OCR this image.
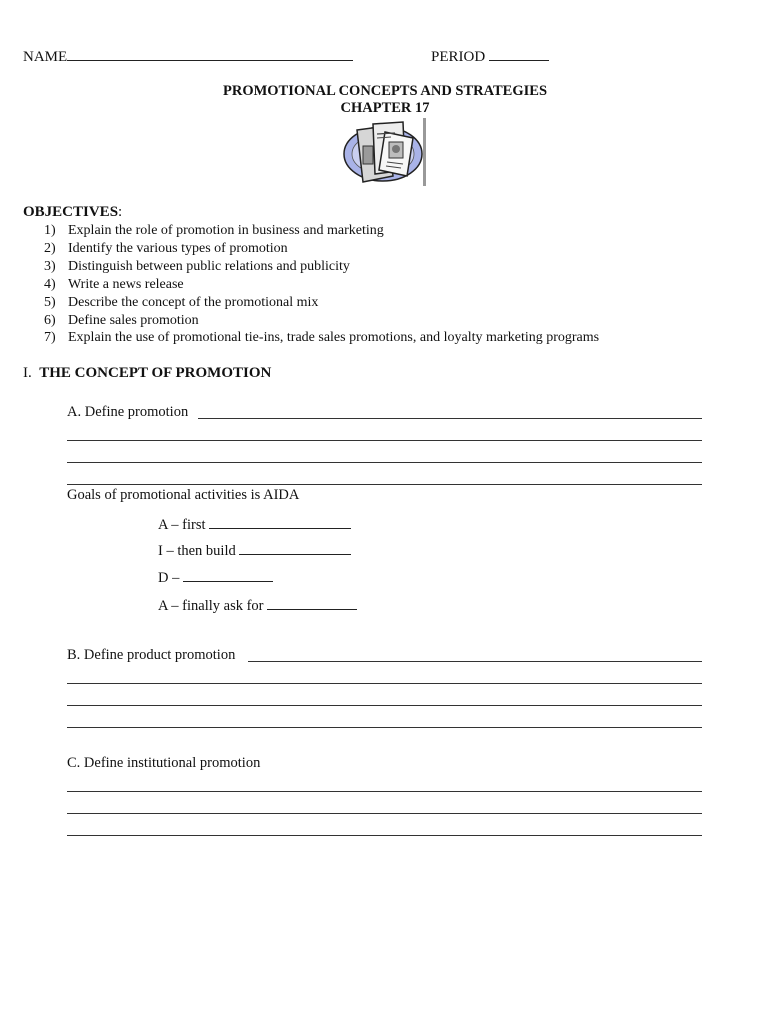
NAME	PERIOD
PROMOTIONAL CONCEPTS AND STRATEGIES
CHAPTER 17
OBJECTIVES:
1) Explain the role of promotion in business and marketing
2) Identify the various types of promotion
3) Distinguish between public relations and publicity
4) Write a news release
5) Describe the concept of the promotional mix
6) Define sales promotion
7) Explain the use of promotional tie-ins, trade sales promotions, and loyalty marketing programs
I. THE CONCEPT OF PROMOTION
A. Define promotion
Goals of promotional activities is AIDA
A – first
I – then build
D –
A – finally ask for
B. Define product promotion
C. Define institutional promotion
